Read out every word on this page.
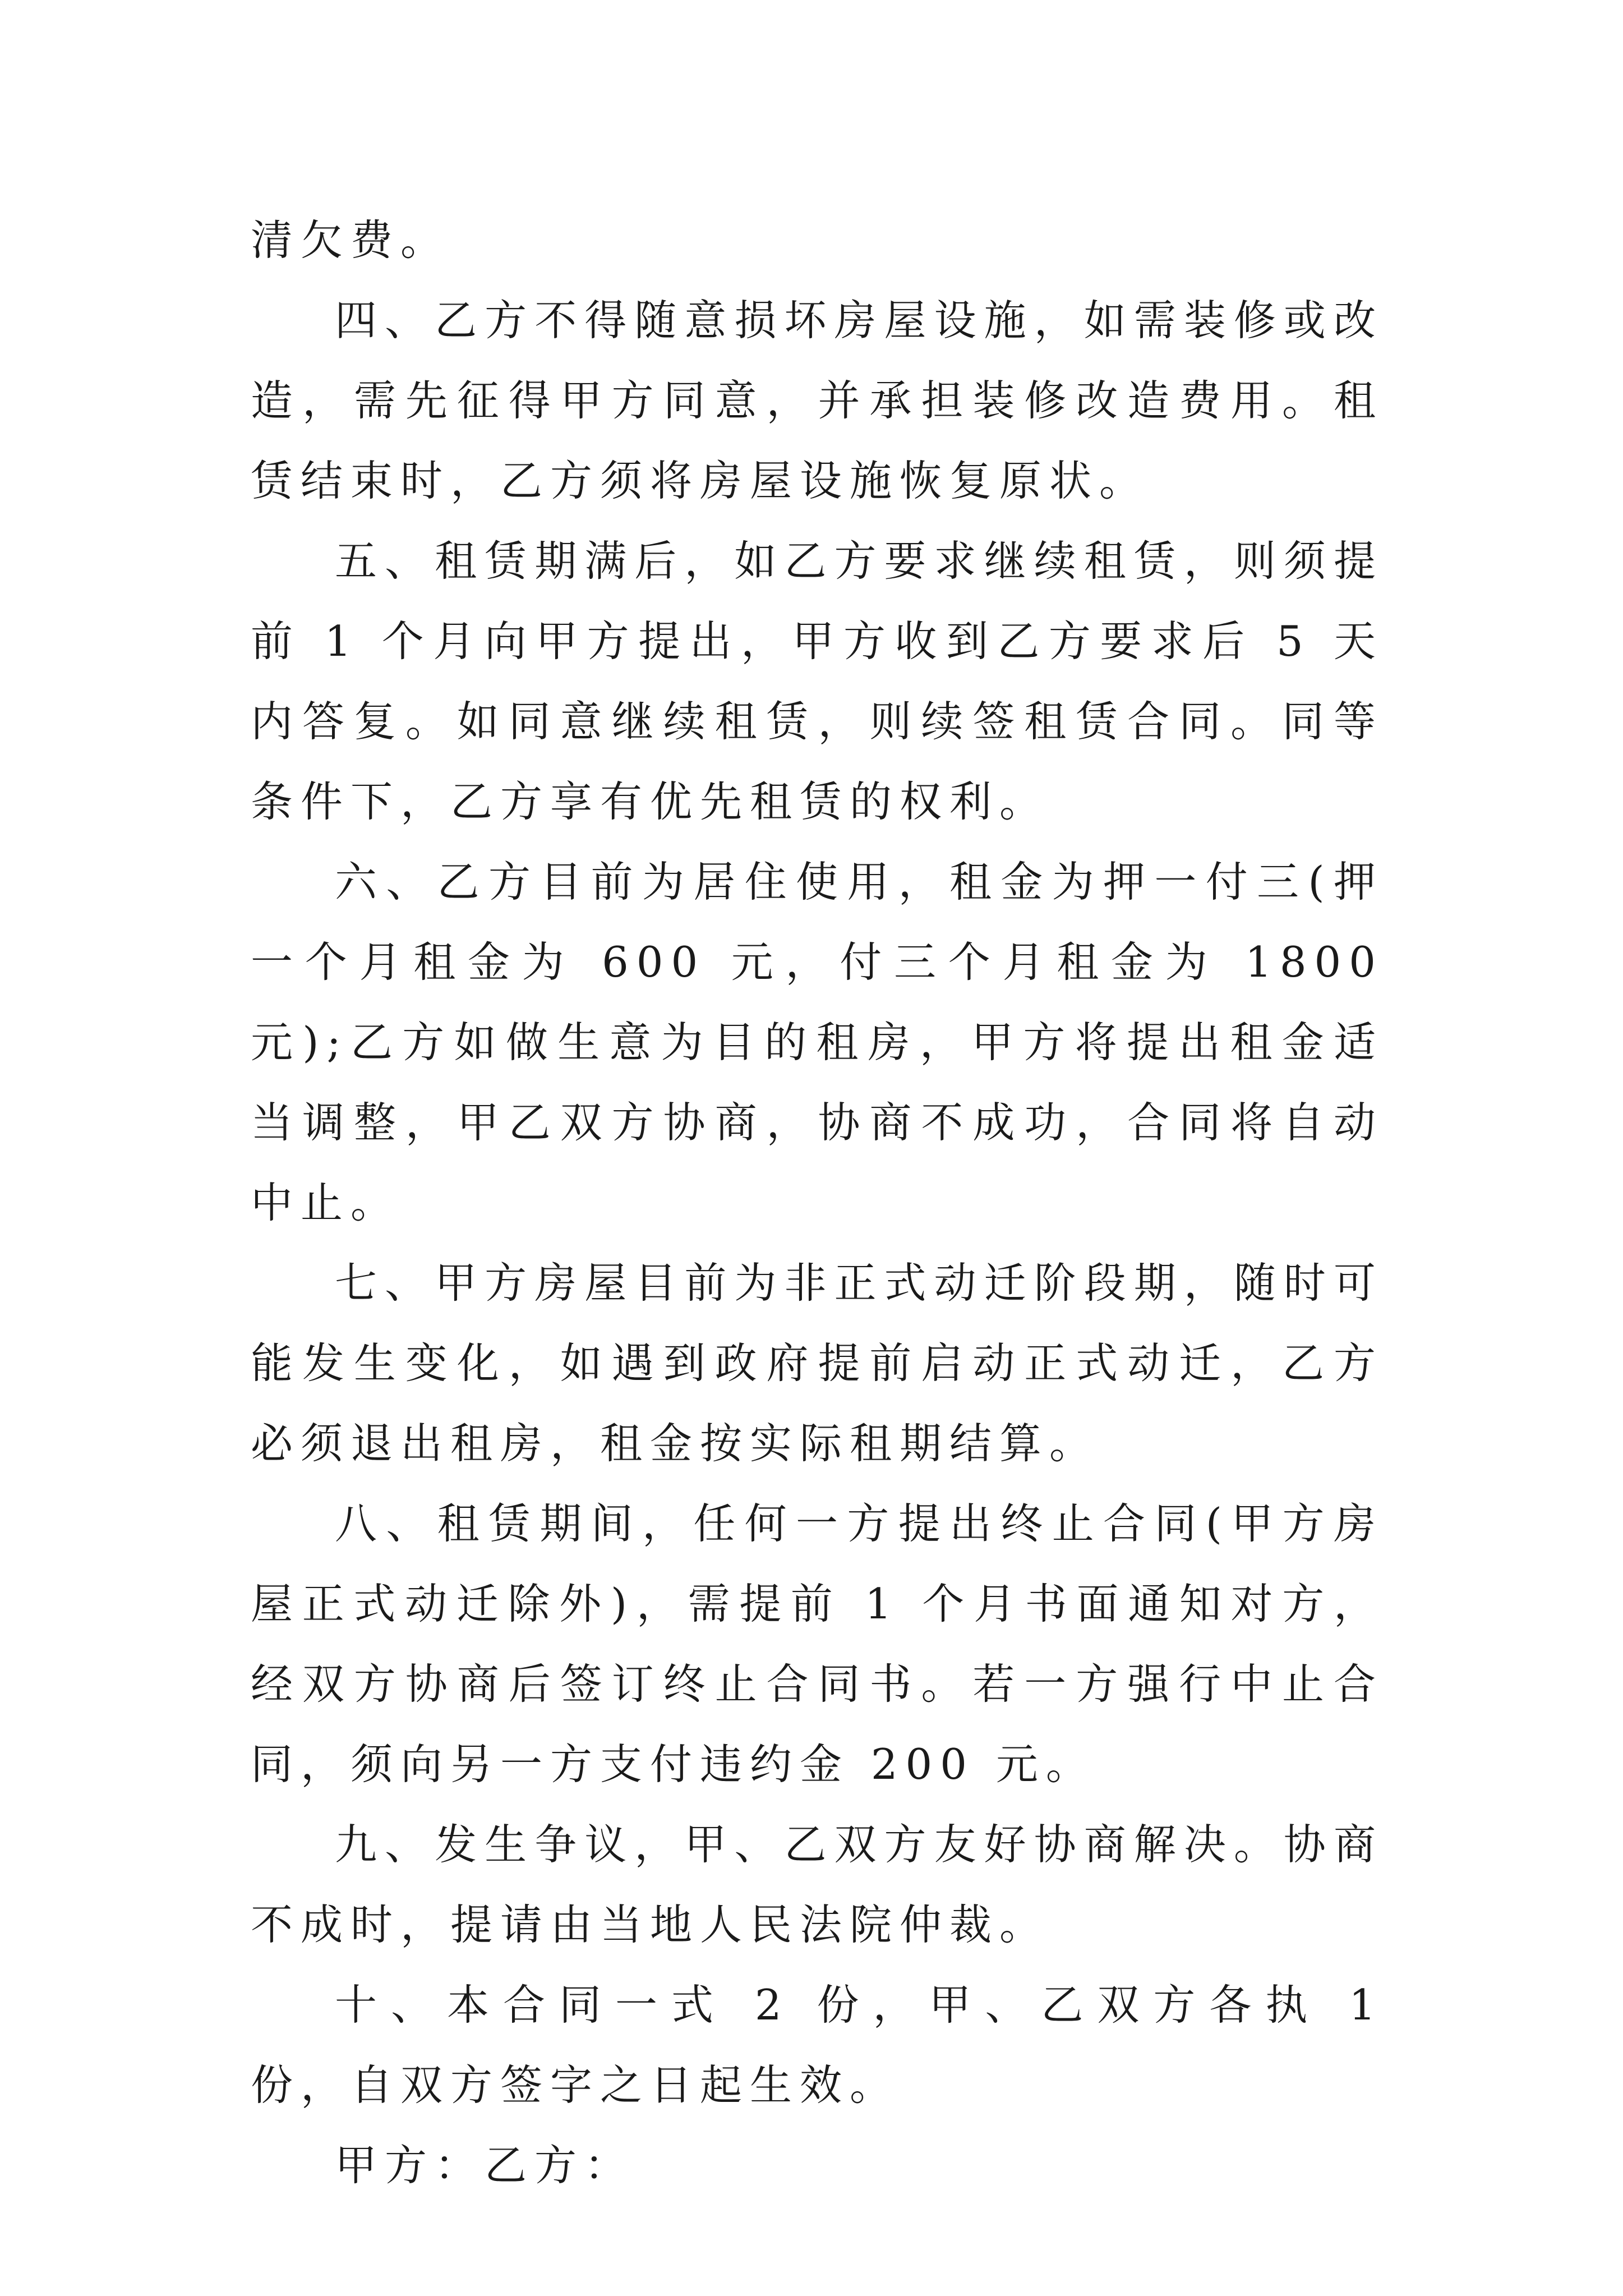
清欠费。

四、乙方不得随意损坏房屋设施，如需装修或改造，需先征得甲方同意，并承担装修改造费用。租赁结束时，乙方须将房屋设施恢复原状。

五、租赁期满后，如乙方要求继续租赁，则须提前 1 个月向甲方提出，甲方收到乙方要求后 5 天内答复。如同意继续租赁，则续签租赁合同。同等条件下，乙方享有优先租赁的权利。

六、乙方目前为居住使用，租金为押一付三(押一个月租金为 600 元，付三个月租金为 1800 元);乙方如做生意为目的租房，甲方将提出租金适当调整，甲乙双方协商，协商不成功，合同将自动中止。

七、甲方房屋目前为非正式动迁阶段期，随时可能发生变化，如遇到政府提前启动正式动迁，乙方必须退出租房，租金按实际租期结算。

八、租赁期间，任何一方提出终止合同(甲方房屋正式动迁除外)，需提前 1 个月书面通知对方，经双方协商后签订终止合同书。若一方强行中止合同，须向另一方支付违约金 200 元。

九、发生争议，甲、乙双方友好协商解决。协商不成时，提请由当地人民法院仲裁。

十、本合同一式 2 份，甲、乙双方各执 1 份，自双方签字之日起生效。

甲方：乙方：
